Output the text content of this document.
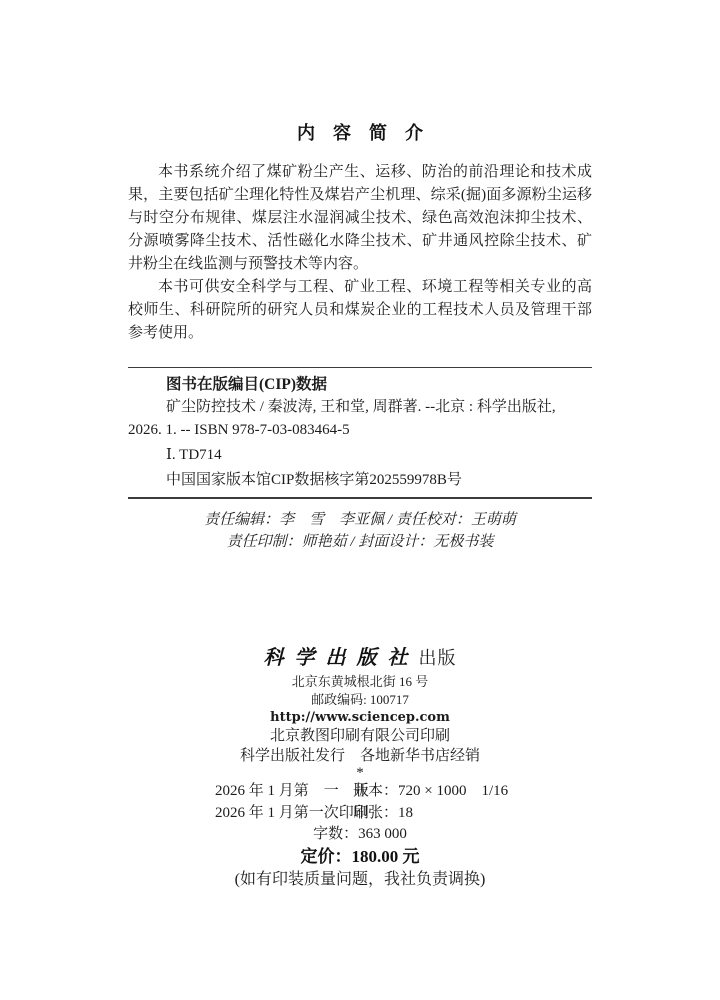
内　容　简　介

本书系统介绍了煤矿粉尘产生、运移、防治的前沿理论和技术成果，主要包括矿尘理化特性及煤岩产尘机理、综采(掘)面多源粉尘运移与时空分布规律、煤层注水湿润减尘技术、绿色高效泡沫抑尘技术、分源喷雾降尘技术、活性磁化水降尘技术、矿井通风控除尘技术、矿井粉尘在线监测与预警技术等内容。

本书可供安全科学与工程、矿业工程、环境工程等相关专业的高校师生、科研院所的研究人员和煤炭企业的工程技术人员及管理干部参考使用。

图书在版编目(CIP)数据
矿尘防控技术 / 秦波涛, 王和堂, 周群著. --北京 : 科学出版社,
2026. 1. -- ISBN 978-7-03-083464-5
Ⅰ. TD714
中国国家版本馆CIP数据核字第202559978B号
责任编辑：李　雪　李亚佩 / 责任校对：王萌萌
责任印制：师艳茹 / 封面设计：无极书装
科学出版社出版
北京东黄城根北街 16 号
邮政编码: 100717
http://www.sciencep.com
北京教图印刷有限公司印刷
科学出版社发行　各地新华书店经销
*
2026 年 1 月第　一　版
开本：720 × 1000　1/16
2026 年 1 月第一次印刷
印张：18
字数：363 000
定价：180.00 元
(如有印装质量问题，我社负责调换)
